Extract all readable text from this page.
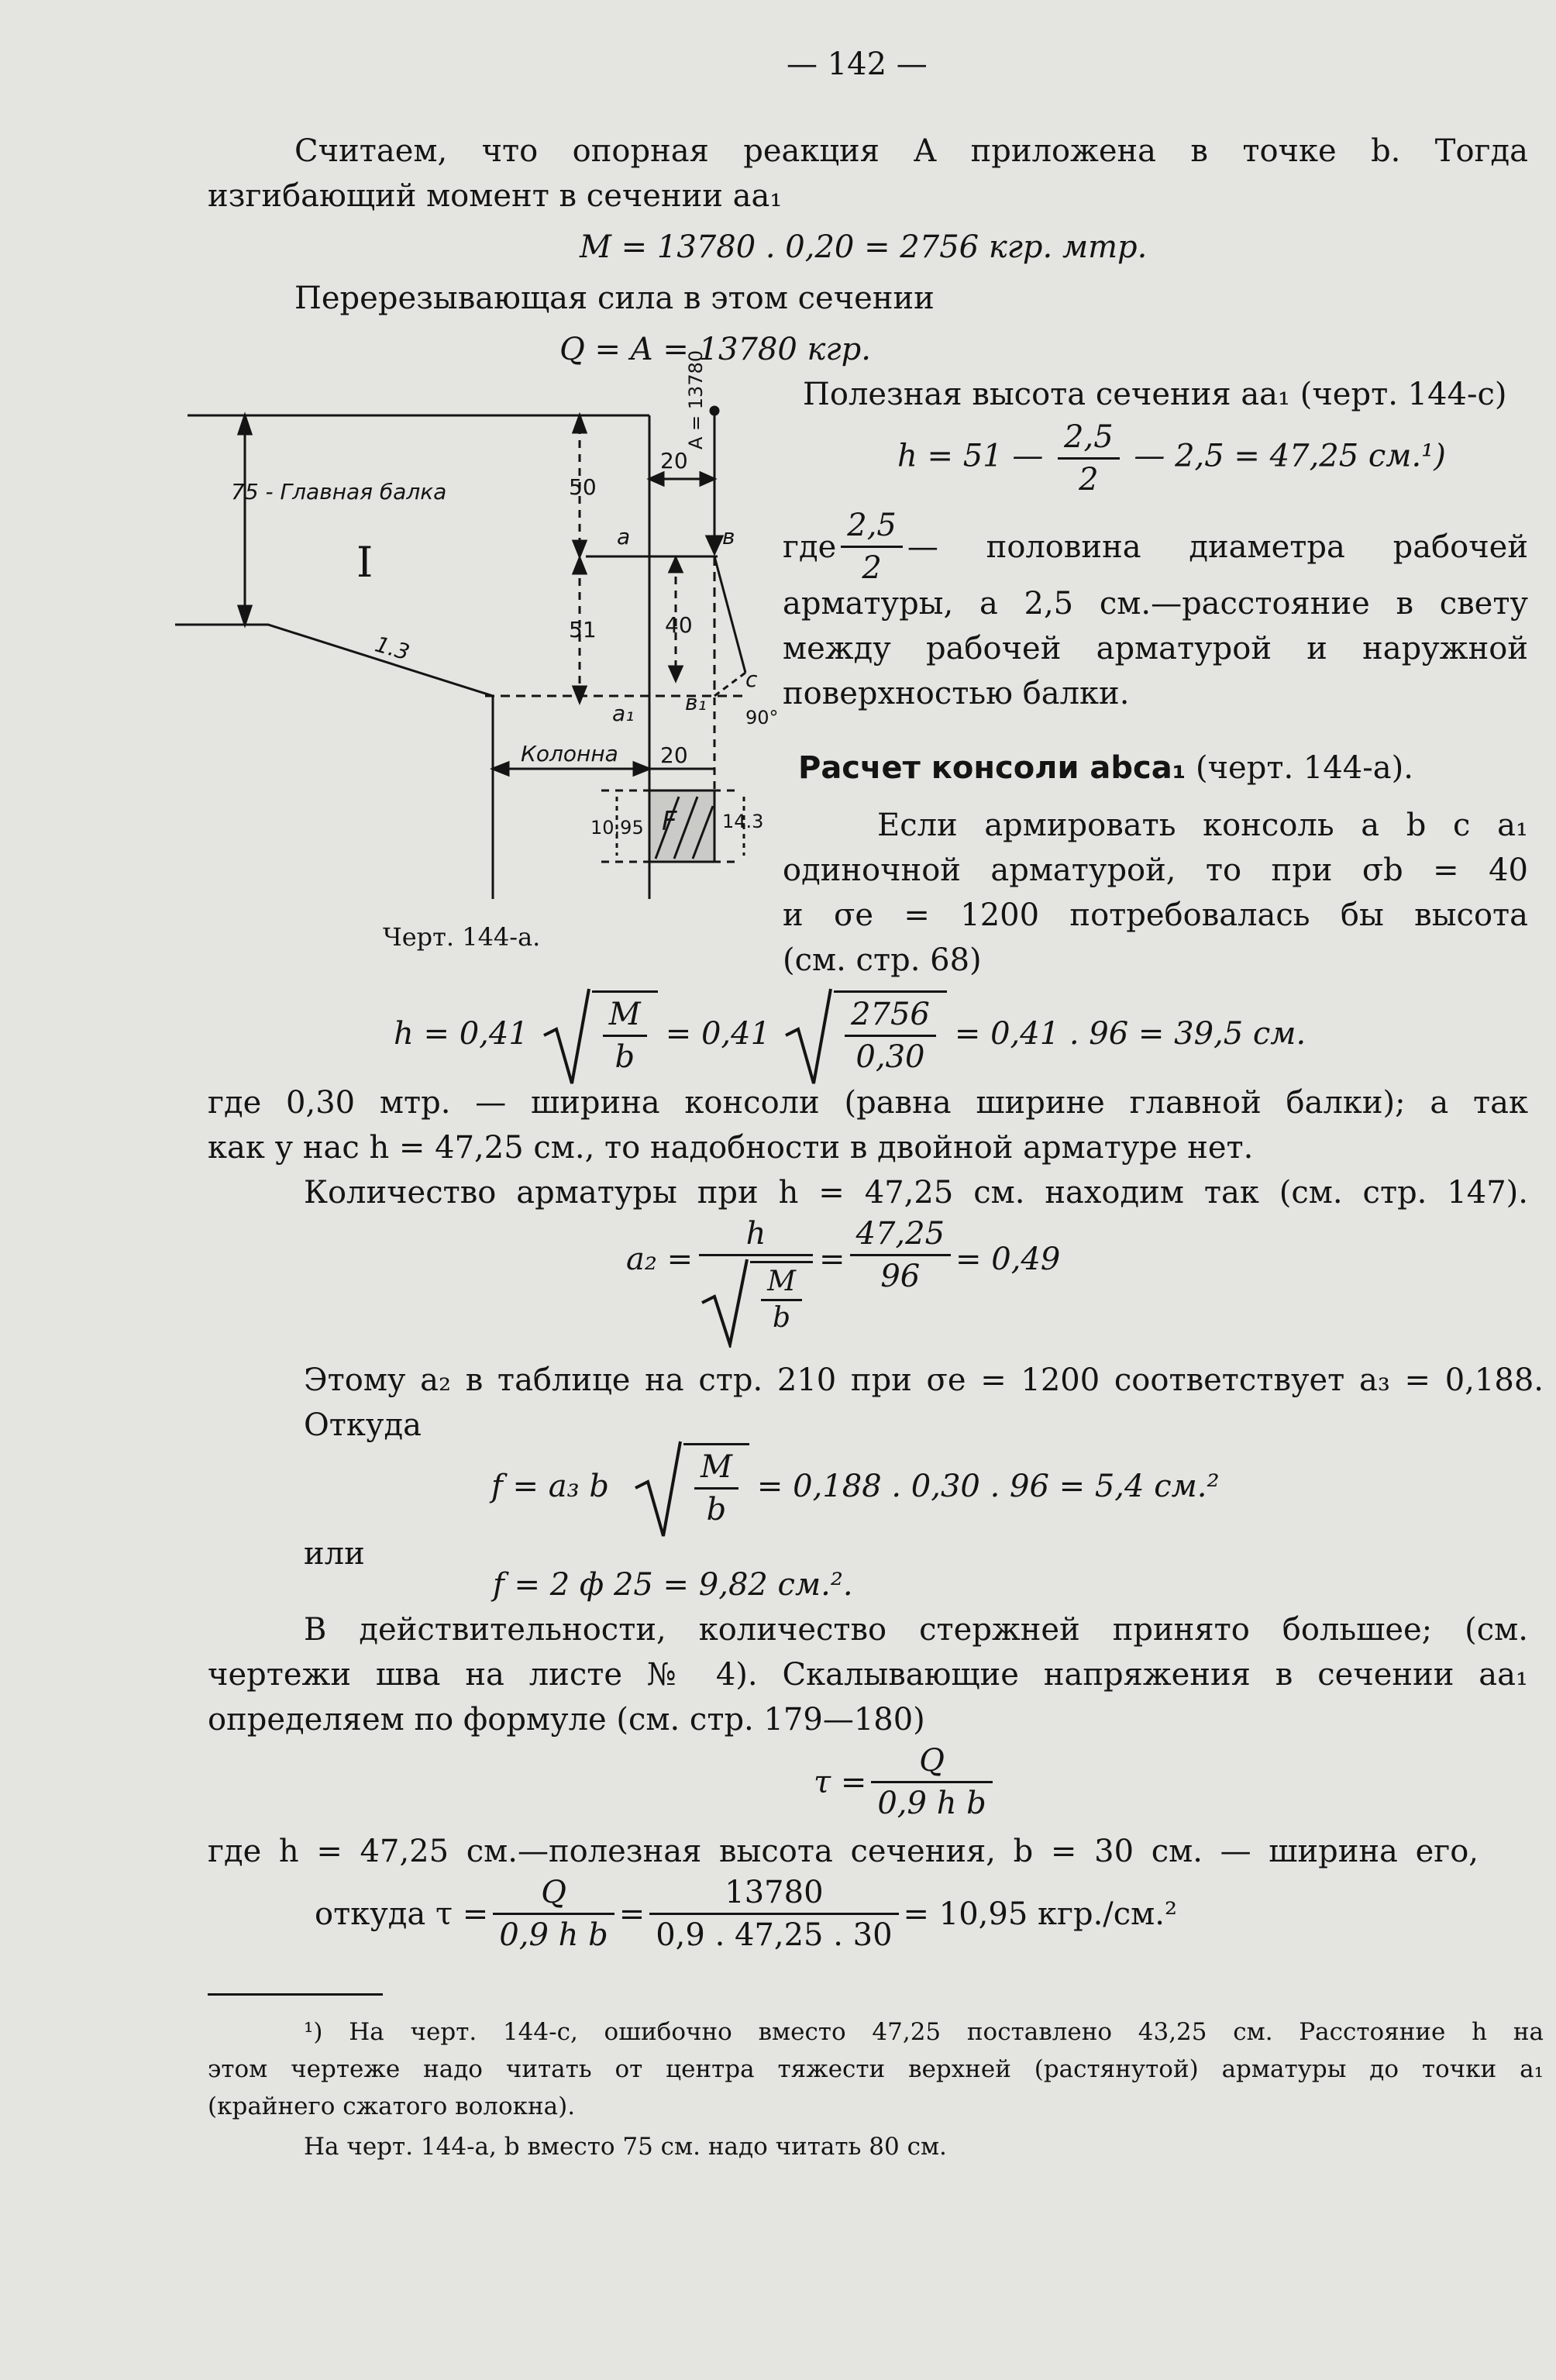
— 142 —
Считаем, что опорная реакция A приложена в точке b. Тогда
изгибающий момент в сечении aa₁
M = 13780 . 0,20 = 2756 кгр. мтр.
Перерезывающая сила в этом сечении
Q = A = 13780 кгр.
Полезная высота сечения aa₁ (черт. 144-с)
h = 51 — $\frac{2,5}{2}$ — 2,5 = 47,25 см.¹)
где $\frac{2,5}{2}$ — половина диаметра рабочей
арматуры, а 2,5 см.—расстояние в свету
между рабочей арматурой и наружной
поверхностью балки.
Расчет консоли abca₁ (черт. 144-а).
Если армировать консоль a b c a₁
одиночной арматурой, то при σb = 40
и σe = 1200 потребовалась бы высота
(см. стр. 68)
75 - Главная балка
I
50
51	40
20
1.3
A = 13780
a	в
c
a₁ в₁
90°
Колонна 20
10.95	14.3
F
Черт. 144-а.
$h = 0,41 \frac{M}{b} = 0,41 \frac{2756}{0,30} = 0,41$ . 96 = 39,5 см.
где 0,30 мтр. — ширина консоли (равна ширине главной балки); а так
как у нас h = 47,25 см., то надобности в двойной арматуре нет.
Количество арматуры при h = 47,25 см. находим так (см. стр. 147).
$a_2 = \frac{h}{\frac{M}{b}} = \frac{47,25}{96} = 0,49$
Этому a₂ в таблице на стр. 210 при σe = 1200 соответствует a₃ = 0,188.
Откуда
f = a₃ b	$\frac{M}{b} = 0,188$ . 0,30 . 96 = 5,4 см.²
или
f = 2 ф 25 = 9,82 см.².
В действительности, количество стержней принято большее; (см.
чертежи шва на листе № 4). Скалывающие напряжения в сечении aa₁
определяем по формуле (см. стр. 179—180)
$\tau = \frac{Q}{\text{0,9 h b}}$
где h = 47,25 см.—полезная высота сечения, b = 30 см. — ширина его,
откуда $\tau = \frac{Q}{\text{0,9 h b}} = \frac{13780}{0,9 . 47,25 . 30} = 10,95$ кгр./см.²
¹) На черт. 144-с, ошибочно вместо 47,25 поставлено 43,25 см. Расстояние h на
этом чертеже надо читать от центра тяжести верхней (растянутой) арматуры до точки a₁
(крайнего сжатого волокна).
На черт. 144-а, b вместо 75 см. надо читать 80 см.
